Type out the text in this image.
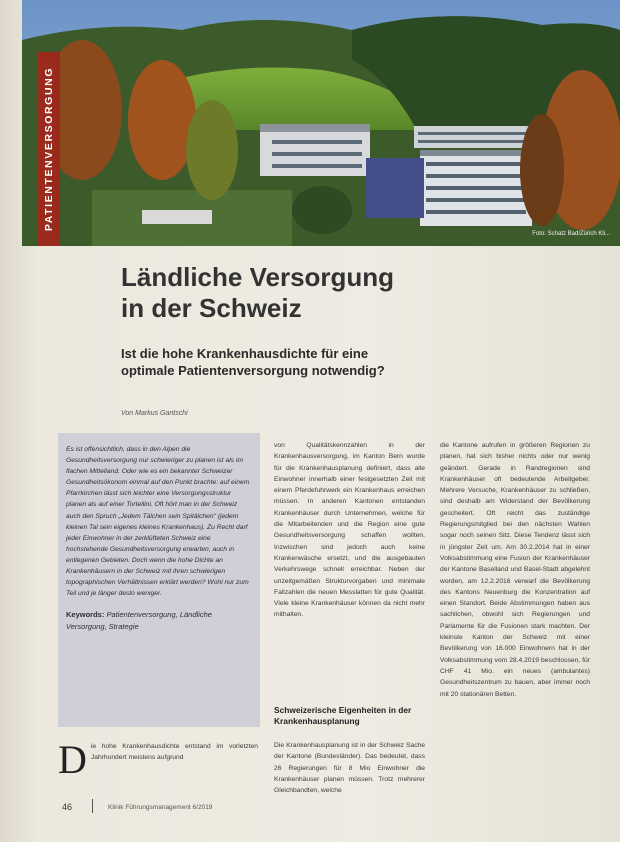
PATIENTENVERSORGUNG
Foto: Schatz Bad/Zürich Kli...
Ländliche Versorgung
in der Schweiz
Ist die hohe Krankenhausdichte für eine
optimale Patientenversorgung notwendig?
Von Markus Gantschi

Es ist offensichtlich, dass in den Alpen die Gesundheitsversorgung nur schwieriger zu planen ist als im flachen Mittelland. Oder wie es ein bekannter Schweizer Gesundheitsökonom einmal auf den Punkt brachte: auf einem Pfarrkirchen lässt sich leichter eine Versorgungsstruktur planen als auf einer Tortellini. Oft hört man in der Schweiz auch den Spruch „Jedem Tälchen sein Spitälchen" (jedem kleinen Tal sein eigenes kleines Krankenhaus). Zu Recht darf jeder Einwohner in der zerklüfteten Schweiz eine hochstehende Gesundheitsversorgung erwarten, auch in entlegenen Gebieten. Doch wenn die hohe Dichte an Krankenhäusern in der Schweiz mit ihren schwierigen topographischen Verhältnissen erklärt werden? Wohl nur zum Teil und je länger desto weniger.

Keywords: Patientenversorgung, Ländliche Versorgung, Strategie

D ie hohe Krankenhausdichte entstand im vorletzten Jahrhundert meistens aufgrund

von Qualitätskennzahlen in der Krankenhausversorgung, im Kanton Bern wurde für die Krankenhausplanung definiert, dass alle Einwohner innerhalb einer festgesetzten Zeit mit einem Pferdefuhrwerk ein Krankenhaus erreichen müssen. In anderen Kantonen entstanden Krankenhäuser durch Unternehmen, welche für die Mitarbeitenden und die Region eine gute Gesundheitsversorgung schaffen wollten. Inzwischen sind jedoch auch keine Krankenwäsche ersetzt, und die ausgebauten Verkehrswege schnell erreichbar. Neben der unzeitgemäßen Strukturvorgaben und minimale Fallzahlen die neuen Messlatten für gute Qualität. Viele kleine Krankenhäuser können da nicht mehr mithalten.

Schweizerische Eigenheiten in der Krankenhausplanung

Die Krankenhausplanung ist in der Schweiz Sache der Kantone (Bundesländer). Das bedeutet, dass 26 Regierungen für 8 Mio Einwohner die Krankenhäuser planen müssen. Trotz mehrerer Gleichbandten, welche

die Kantone aufrufen in größeren Regionen zu planen, hat sich bisher nichts oder nur wenig geändert. Gerade in Randregionen sind Krankenhäuser oft bedeutende Arbeitgeber. Mehrere Versuche, Krankenhäuser zu schließen, sind deshalb am Widerstand der Bevölkerung gescheitert. Oft reicht das zuständige Regierungsmitglied bei den nächsten Wahlen sogar noch seinen Sitz. Diese Tendenz lässt sich in jüngster Zeit um. Am 30.2.2014 hat in einer Volksabstimmung eine Fusion der Krankenhäuser der Kantone Baselland und Basel-Stadt abgelehnt worden, am 12.2.2016 verwarf die Bevölkerung des Kantons Neuenburg die Konzentration auf einen Standort. Beide Abstimmungen haben aus sachlichen, obwohl sich Regierungen und Parlamente für die Fusionen stark machten. Der kleinste Kanton der Schweiz mit einer Bevölkerung von 16.000 Einwohnern hat in der Volksabstimmung vom 28.4.2019 beschlossen, für CHF 41 Mio. ein neues (ambulantes) Gesundheitszentrum zu bauen, aber immer noch mit 20 stationären Betten.

46	Klinik Führungsmanagement 6/2019
